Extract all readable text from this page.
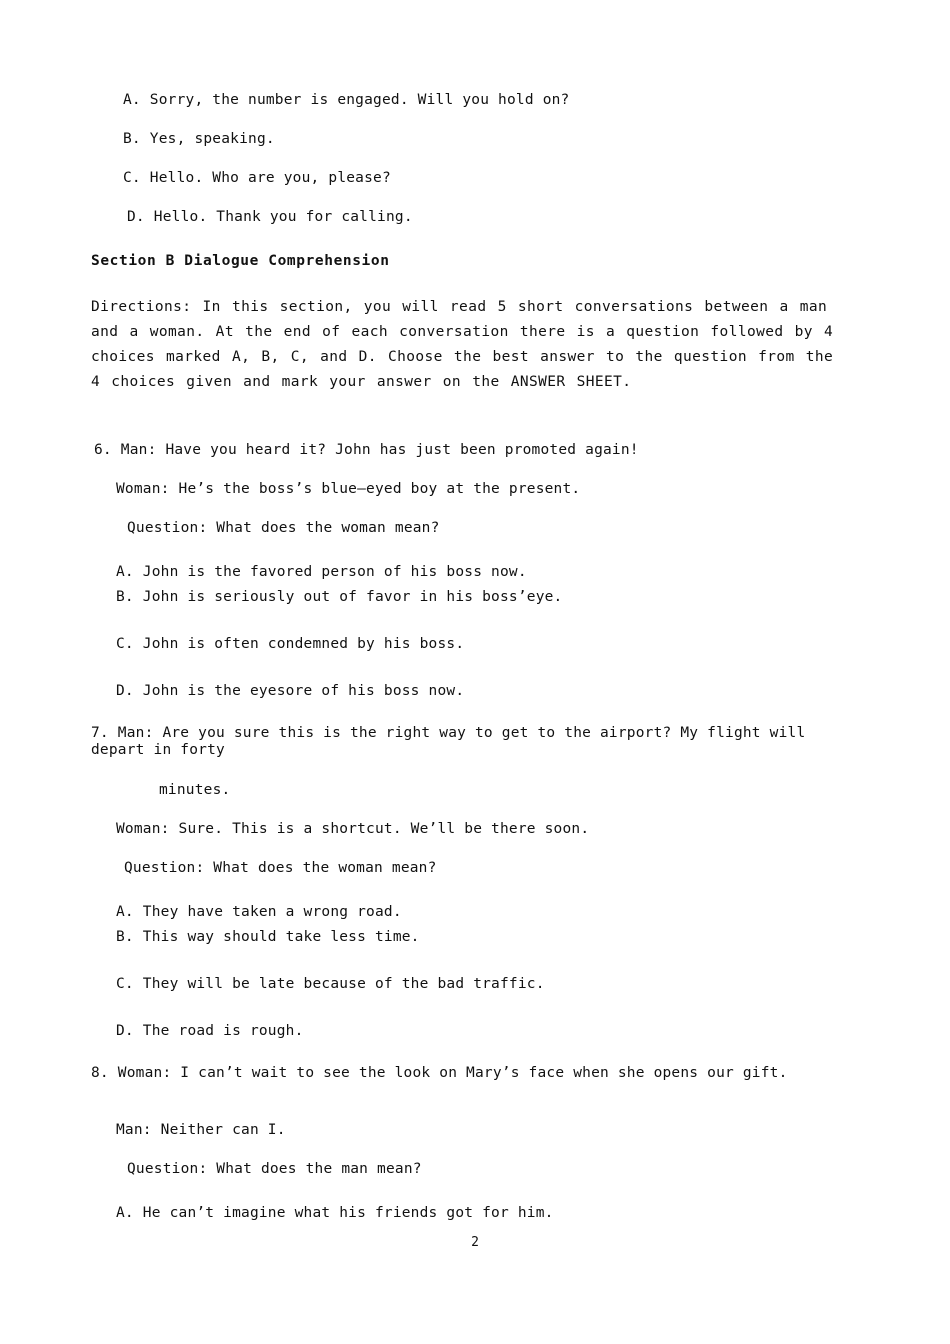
A. Sorry, the number is engaged. Will you hold on?
B. Yes, speaking.
C. Hello. Who are you, please?
D. Hello. Thank you for calling.
Section B Dialogue Comprehension
Directions: In this section, you will read 5 short conversations between a man and a woman. At the end of each conversation there is a question followed by 4 choices marked A, B, C, and D. Choose the best answer to the question from the 4 choices given and mark your answer on the ANSWER SHEET.
6. Man: Have you heard it? John has just been promoted again!
Woman: He’s the boss’s blue—eyed boy at the present.
Question: What does the woman mean?
A. John is the favored person of his boss now.
B. John is seriously out of favor in his boss’eye.
C. John is often condemned by his boss.
D. John is the eyesore of his boss now.
7. Man: Are you sure this is the right way to get to the airport? My flight will depart in forty
minutes.
Woman: Sure. This is a shortcut. We’ll be there soon.
Question: What does the woman mean?
A. They have taken a wrong road.
B. This way should take less time.
C. They will be late because of the bad traffic.
D. The road is rough.
8. Woman: I can’t wait to see the look on Mary’s face when she opens our gift.
Man: Neither can I.
Question: What does the man mean?
A. He can’t imagine what his friends got for him.
2
